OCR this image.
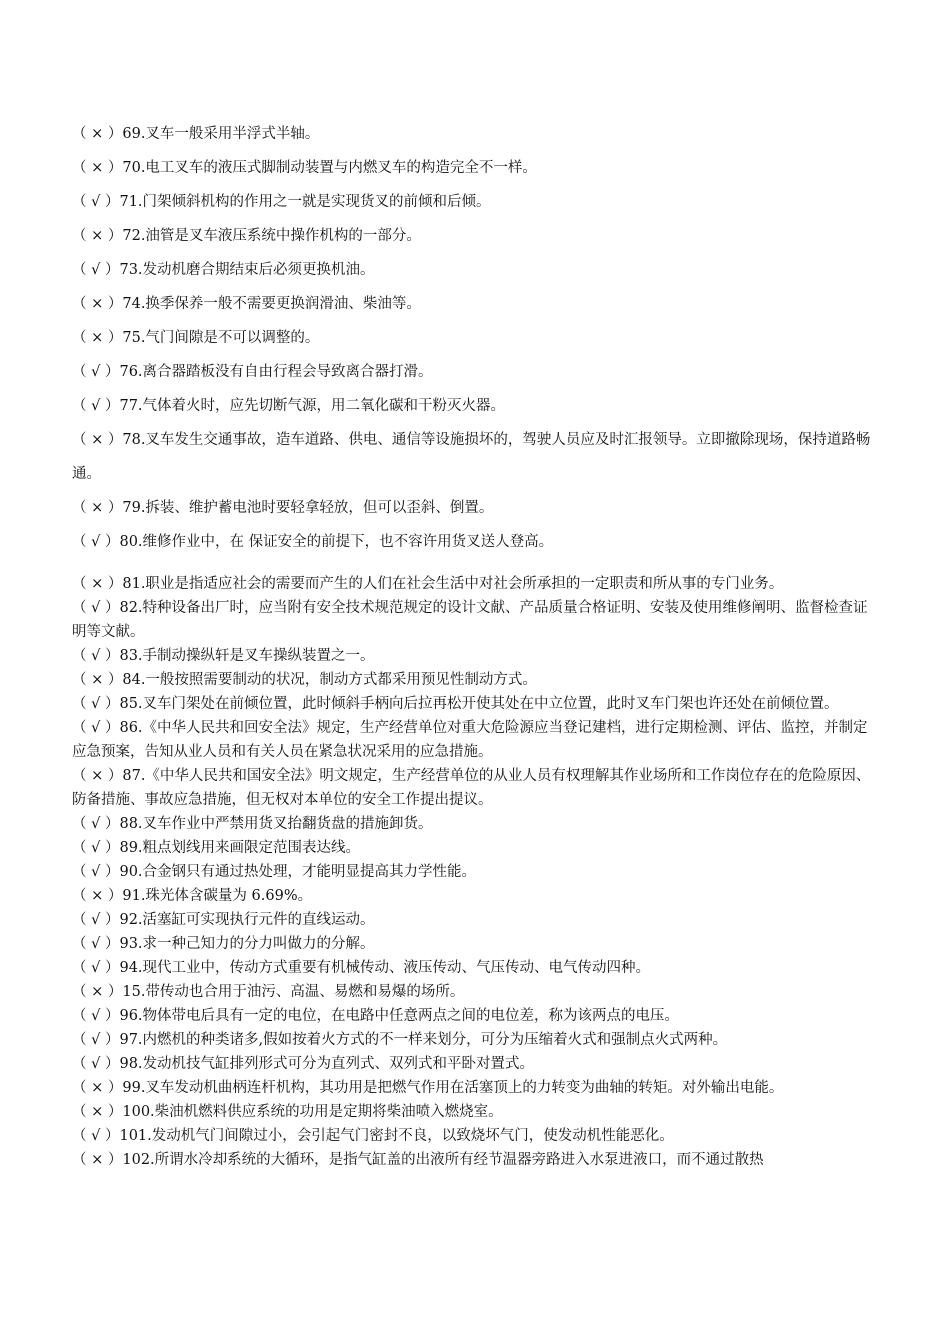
（ × ）69.叉车一般采用半浮式半轴。
（ × ）70.电工叉车的液压式脚制动装置与内燃叉车的构造完全不一样。
（ √ ）71.门架倾斜机构的作用之一就是实现货叉的前倾和后倾。
（ × ）72.油管是叉车液压系统中操作机构的一部分。
（ √ ）73.发动机磨合期结束后必须更换机油。
（ × ）74.换季保养一般不需要更换润滑油、柴油等。
（ × ）75.气门间隙是不可以调整的。
（ √ ）76.离合器踏板没有自由行程会导致离合器打滑。
（ √ ）77.气体着火时，应先切断气源，用二氧化碳和干粉灭火器。
（ × ）78.叉车发生交通事故，造车道路、供电、通信等设施损坏的，驾驶人员应及时汇报领导。立即撤除现场，保持道路畅通。
（ × ）79.拆装、维护蓄电池时要轻拿轻放，但可以歪斜、倒置。
（ √ ）80.维修作业中，在 保证安全的前提下，也不容许用货叉送人登高。
（ × ）81.职业是指适应社会的需要而产生的人们在社会生活中对社会所承担的一定职责和所从事的专门业务。
（ √ ）82.特种设备出厂时，应当附有安全技术规范规定的设计文献、产品质量合格证明、安装及使用维修阐明、监督检查证明等文献。
（ √ ）83.手制动操纵轩是叉车操纵装置之一。
（ × ）84.一般按照需要制动的状况，制动方式都采用预见性制动方式。
（ √ ）85.叉车门架处在前倾位置，此时倾斜手柄向后拉再松开使其处在中立位置，此时叉车门架也许还处在前倾位置。
（ √ ）86.《中华人民共和回安全法》规定，生产经营单位对重大危险源应当登记建档，进行定期检测、评估、监控，并制定应急预案，告知从业人员和有关人员在紧急状况采用的应急措施。
（ × ）87.《中华人民共和国安全法》明文规定，生产经营单位的从业人员有权理解其作业场所和工作岗位存在的危险原因、防备措施、事故应急措施，但无权对本单位的安全工作提出提议。
（ √ ）88.叉车作业中严禁用货叉抬翻货盘的措施卸货。
（ √ ）89.粗点划线用来画限定范围表达线。
（ √ ）90.合金钢只有通过热处理，才能明显提高其力学性能。
（ × ）91.珠光体含碳量为 6.69%。
（ √ ）92.活塞缸可实现执行元件的直线运动。
（ √ ）93.求一种己知力的分力叫做力的分解。
（ √ ）94.现代工业中，传动方式重要有机械传动、液压传动、气压传动、电气传动四种。
（ × ）15.带传动也合用于油污、高温、易燃和易爆的场所。
（ √ ）96.物体带电后具有一定的电位，在电路中任意两点之间的电位差，称为该两点的电压。
（ √ ）97.内燃机的种类诸多,假如按着火方式的不一样来划分，可分为压缩着火式和强制点火式两种。
（ √ ）98.发动机技气缸排列形式可分为直列式、双列式和平卧对置式。
（ × ）99.叉车发动机曲柄连杆机构，其功用是把燃气作用在活塞顶上的力转变为曲轴的转矩。对外输出电能。
（ × ）100.柴油机燃料供应系统的功用是定期将柴油喷入燃烧室。
（ √ ）101.发动机气门间隙过小，会引起气门密封不良，以致烧坏气门，使发动机性能恶化。
（ × ）102.所谓水冷却系统的大循环，是指气缸盖的出液所有经节温器旁路进入水泵进液口，而不通过散热
